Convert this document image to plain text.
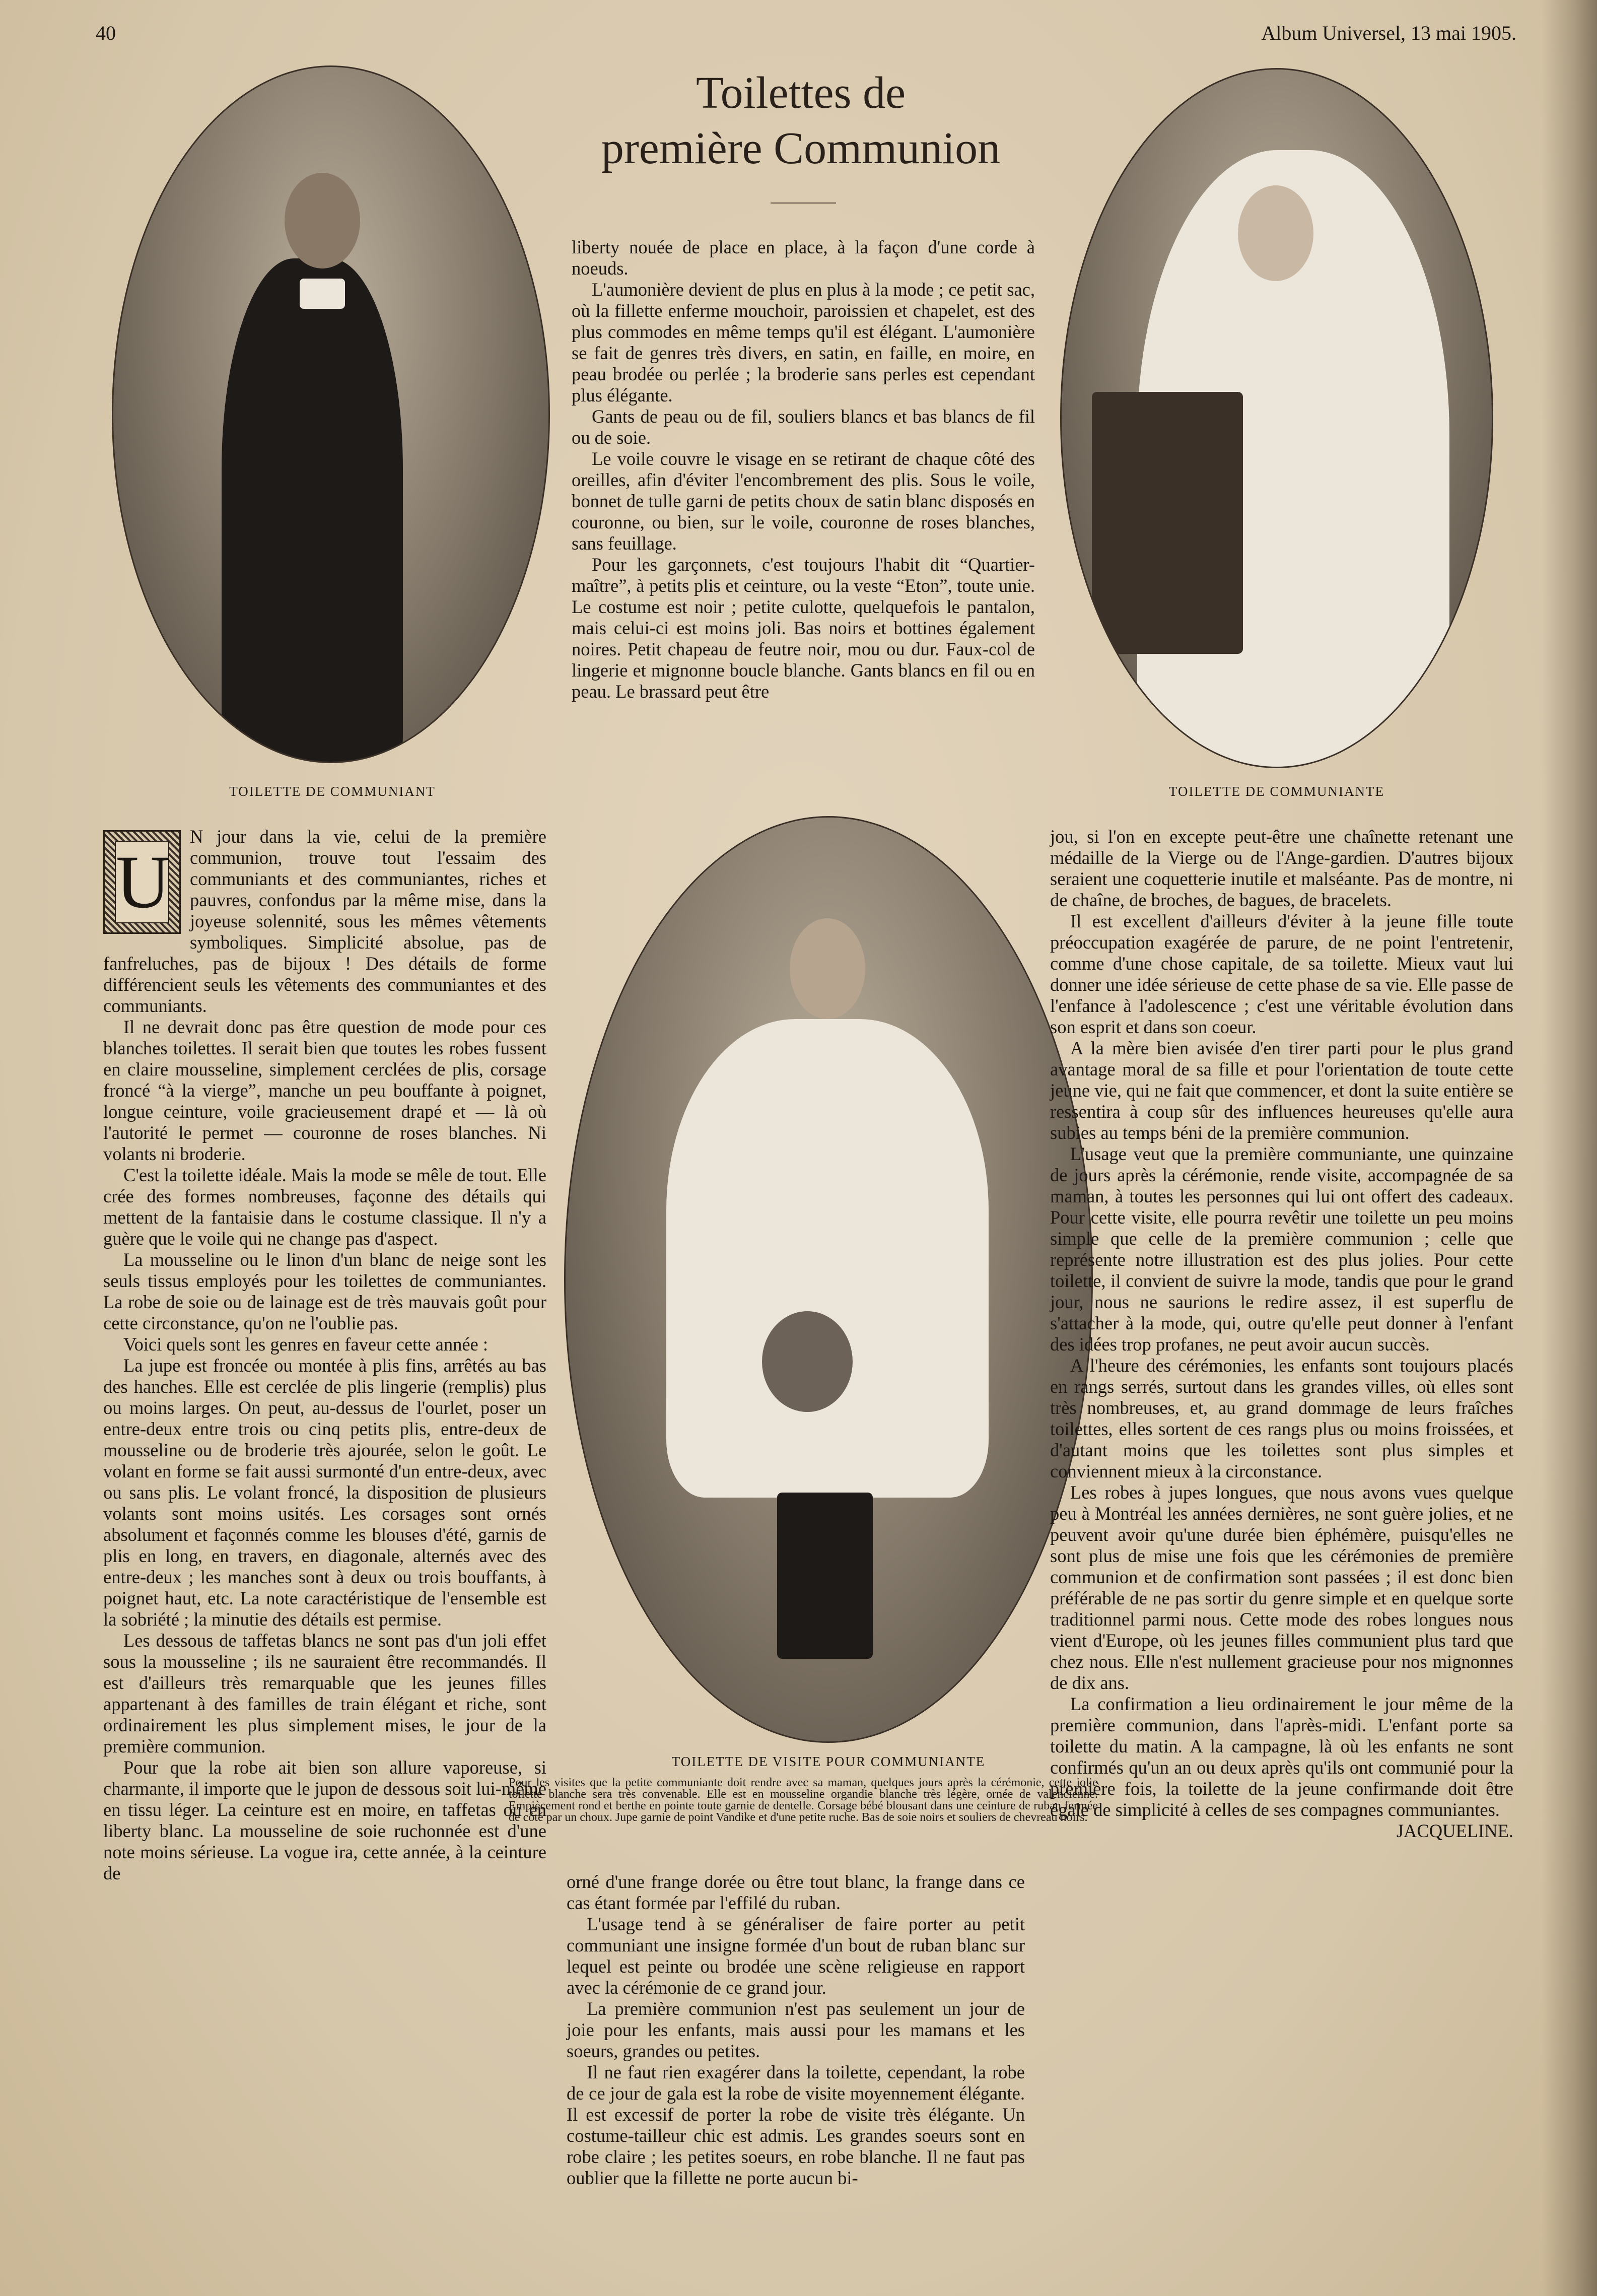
40	Album Universel, 13 mai 1905.
Toilettes de
première Communion
TOILETTE DE COMMUNIANT	TOILETTE DE COMMUNIANTE
TOILETTE DE VISITE POUR COMMUNIANTE
Pour les visites que la petite communiante doit rendre avec sa maman, quelques jours après la cérémonie, cette jolie toilette blanche sera très convenable. Elle est en mousseline organdie blanche très légère, ornée de valencienne. Empiècement rond et berthe en pointe toute garnie de dentelle. Corsage bébé blousant dans une ceinture de ruban fermée de côté par un choux. Jupe garnie de point Vandike et d'une petite ruche. Bas de soie noirs et souliers de chevreau noirs.

liberty nouée de place en place, à la façon d'une corde à noeuds.

L'aumonière devient de plus en plus à la mode ; ce petit sac, où la fillette enferme mouchoir, paroissien et chapelet, est des plus commodes en même temps qu'il est élégant. L'aumonière se fait de genres très divers, en satin, en faille, en moire, en peau brodée ou perlée ; la broderie sans perles est cependant plus élégante.

Gants de peau ou de fil, souliers blancs et bas blancs de fil ou de soie.

Le voile couvre le visage en se retirant de chaque côté des oreilles, afin d'éviter l'encombrement des plis. Sous le voile, bonnet de tulle garni de petits choux de satin blanc disposés en couronne, ou bien, sur le voile, couronne de roses blanches, sans feuillage.

Pour les garçonnets, c'est toujours l'habit dit “Quartier-maître”, à petits plis et ceinture, ou la veste “Eton”, toute unie. Le costume est noir ; petite culotte, quelquefois le pantalon, mais celui-ci est moins joli. Bas noirs et bottines également noires. Petit chapeau de feutre noir, mou ou dur. Faux-col de lingerie et mignonne boucle blanche. Gants blancs en fil ou en peau. Le brassard peut être

U

N jour dans la vie, celui de la première communion, trouve tout l'essaim des communiants et des communiantes, riches et pauvres, confondus par la même mise, dans la joyeuse solennité, sous les mêmes vêtements symboliques. Simplicité absolue, pas de fanfreluches, pas de bijoux ! Des détails de forme différencient seuls les vêtements des communiantes et des communiants.

Il ne devrait donc pas être question de mode pour ces blanches toilettes. Il serait bien que toutes les robes fussent en claire mousseline, simplement cerclées de plis, corsage froncé “à la vierge”, manche un peu bouffante à poignet, longue ceinture, voile gracieusement drapé et — là où l'autorité le permet — couronne de roses blanches. Ni volants ni broderie.

C'est la toilette idéale. Mais la mode se mêle de tout. Elle crée des formes nombreuses, façonne des détails qui mettent de la fantaisie dans le costume classique. Il n'y a guère que le voile qui ne change pas d'aspect.

La mousseline ou le linon d'un blanc de neige sont les seuls tissus employés pour les toilettes de communiantes. La robe de soie ou de lainage est de très mauvais goût pour cette circonstance, qu'on ne l'oublie pas.

Voici quels sont les genres en faveur cette année :

La jupe est froncée ou montée à plis fins, arrêtés au bas des hanches. Elle est cerclée de plis lingerie (remplis) plus ou moins larges. On peut, au-dessus de l'ourlet, poser un entre-deux entre trois ou cinq petits plis, entre-deux de mousseline ou de broderie très ajourée, selon le goût. Le volant en forme se fait aussi surmonté d'un entre-deux, avec ou sans plis. Le volant froncé, la disposition de plusieurs volants sont moins usités. Les corsages sont ornés absolument et façonnés comme les blouses d'été, garnis de plis en long, en travers, en diagonale, alternés avec des entre-deux ; les manches sont à deux ou trois bouffants, à poignet haut, etc. La note caractéristique de l'ensemble est la sobriété ; la minutie des détails est permise.

Les dessous de taffetas blancs ne sont pas d'un joli effet sous la mousseline ; ils ne sauraient être recommandés. Il est d'ailleurs très remarquable que les jeunes filles appartenant à des familles de train élégant et riche, sont ordinairement les plus simplement mises, le jour de la première communion.

Pour que la robe ait bien son allure vaporeuse, si charmante, il importe que le jupon de dessous soit lui-même en tissu léger. La ceinture est en moire, en taffetas ou en liberty blanc. La mousseline de soie ruchonnée est d'une note moins sérieuse. La vogue ira, cette année, à la ceinture de	orné d'une frange dorée ou être tout blanc, la frange dans ce cas étant formée par l'effilé du ruban.

L'usage tend à se généraliser de faire porter au petit communiant une insigne formée d'un bout de ruban blanc sur lequel est peinte ou brodée une scène religieuse en rapport avec la cérémonie de ce grand jour.

La première communion n'est pas seulement un jour de joie pour les enfants, mais aussi pour les mamans et les soeurs, grandes ou petites.

Il ne faut rien exagérer dans la toilette, cependant, la robe de ce jour de gala est la robe de visite moyennement élégante. Il est excessif de porter la robe de visite très élégante. Un costume-tailleur chic est admis. Les grandes soeurs sont en robe claire ; les petites soeurs, en robe blanche. Il ne faut pas oublier que la fillette ne porte aucun bi-

jou, si l'on en excepte peut-être une chaînette retenant une médaille de la Vierge ou de l'Ange-gardien. D'autres bijoux seraient une coquetterie inutile et malséante. Pas de montre, ni de chaîne, de broches, de bagues, de bracelets.

Il est excellent d'ailleurs d'éviter à la jeune fille toute préoccupation exagérée de parure, de ne point l'entretenir, comme d'une chose capitale, de sa toilette. Mieux vaut lui donner une idée sérieuse de cette phase de sa vie. Elle passe de l'enfance à l'adolescence ; c'est une véritable évolution dans son esprit et dans son coeur.

A la mère bien avisée d'en tirer parti pour le plus grand avantage moral de sa fille et pour l'orientation de toute cette jeune vie, qui ne fait que commencer, et dont la suite entière se ressentira à coup sûr des influences heureuses qu'elle aura subies au temps béni de la première communion.

L'usage veut que la première communiante, une quinzaine de jours après la cérémonie, rende visite, accompagnée de sa maman, à toutes les personnes qui lui ont offert des cadeaux. Pour cette visite, elle pourra revêtir une toilette un peu moins simple que celle de la première communion ; celle que représente notre illustration est des plus jolies. Pour cette toilette, il convient de suivre la mode, tandis que pour le grand jour, nous ne saurions le redire assez, il est superflu de s'attacher à la mode, qui, outre qu'elle peut donner à l'enfant des idées trop profanes, ne peut avoir aucun succès.

A l'heure des cérémonies, les enfants sont toujours placés en rangs serrés, surtout dans les grandes villes, où elles sont très nombreuses, et, au grand dommage de leurs fraîches toilettes, elles sortent de ces rangs plus ou moins froissées, et d'autant moins que les toilettes sont plus simples et conviennent mieux à la circonstance.

Les robes à jupes longues, que nous avons vues quelque peu à Montréal les années dernières, ne sont guère jolies, et ne peuvent avoir qu'une durée bien éphémère, puisqu'elles ne sont plus de mise une fois que les cérémonies de première communion et de confirmation sont passées ; il est donc bien préférable de ne pas sortir du genre simple et en quelque sorte traditionnel parmi nous. Cette mode des robes longues nous vient d'Europe, où les jeunes filles communient plus tard que chez nous. Elle n'est nullement gracieuse pour nos mignonnes de dix ans.

La confirmation a lieu ordinairement le jour même de la première communion, dans l'après-midi. L'enfant porte sa toilette du matin. A la campagne, là où les enfants ne sont confirmés qu'un an ou deux après qu'ils ont communié pour la première fois, la toilette de la jeune confirmande doit être égale de simplicité à celles de ses compagnes communiantes.

JACQUELINE.
